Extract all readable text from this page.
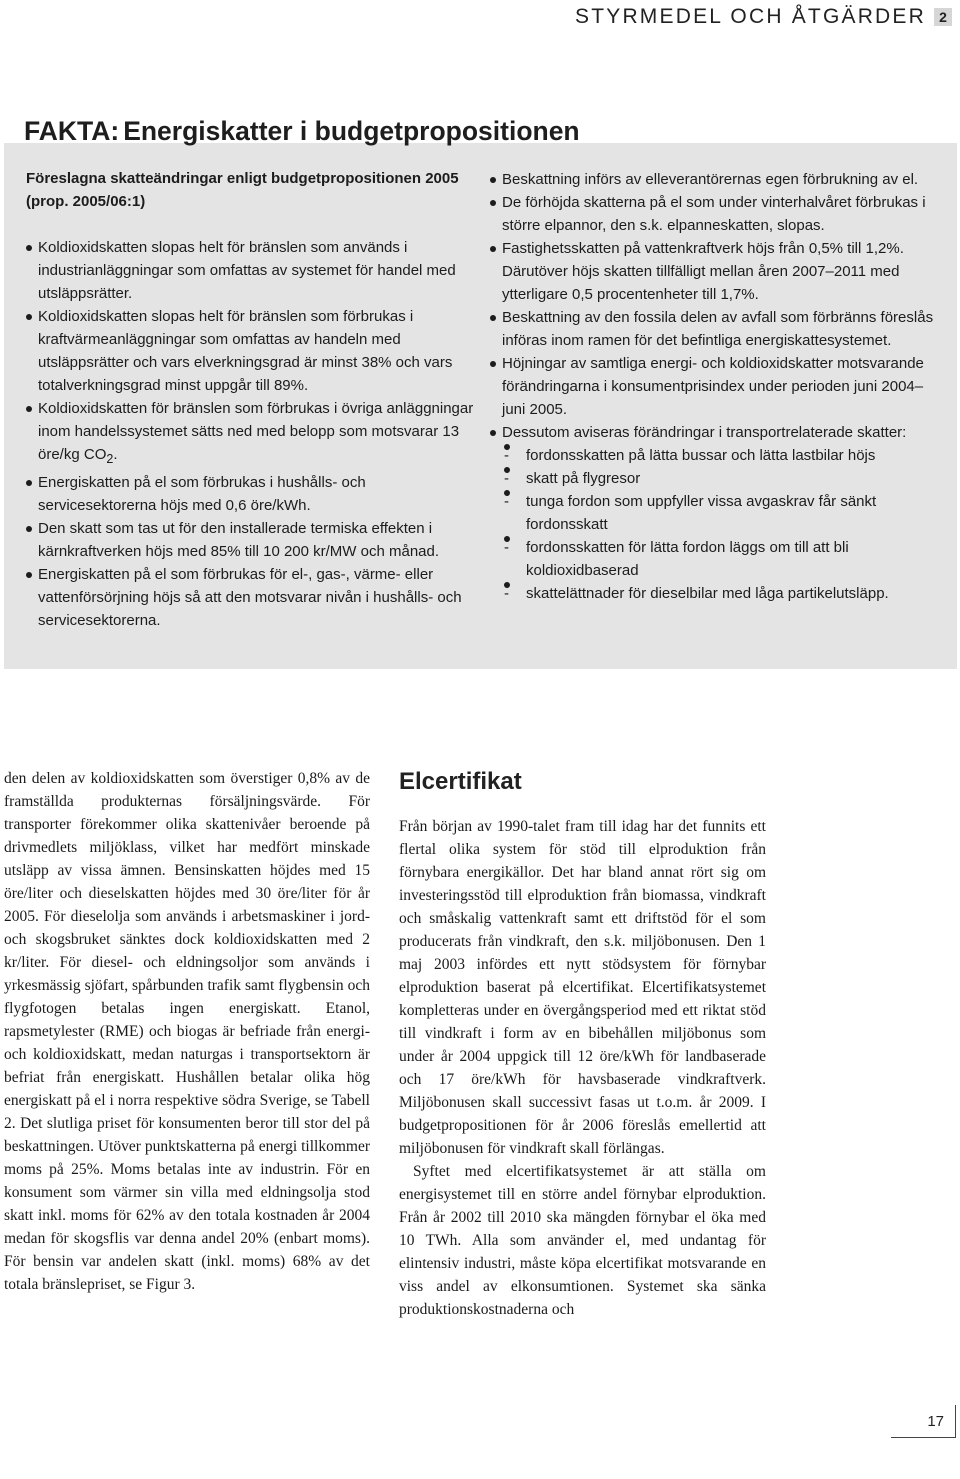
STYRMEDEL OCH ÅTGÄRDER 2
FAKTA: Energiskatter i budgetpropositionen

Föreslagna skatteändringar enligt budgetpropositionen 2005 (prop. 2005/06:1)

Koldioxidskatten slopas helt för bränslen som används i industrianläggningar som omfattas av systemet för handel med utsläppsrätter.
Koldioxidskatten slopas helt för bränslen som förbrukas i kraftvärmeanläggningar som omfattas av handeln med utsläppsrätter och vars elverkningsgrad är minst 38% och vars totalverkningsgrad minst uppgår till 89%.
Koldioxidskatten för bränslen som förbrukas i övriga anläggningar inom handelssystemet sätts ned med belopp som motsvarar 13 öre/kg $CO_2$.
Energiskatten på el som förbrukas i hushålls- och servicesektorerna höjs med 0,6 öre/kWh.
Den skatt som tas ut för den installerade termiska effekten i kärnkraftverken höjs med 85% till 10 200 kr/MW och månad.
Energiskatten på el som förbrukas för el-, gas-, värme- eller vattenförsörjning höjs så att den motsvarar nivån i hushålls- och servicesektorerna.
Beskattning införs av elleverantörernas egen förbrukning av el.
De förhöjda skatterna på el som under vinterhalvåret förbrukas i större elpannor, den s.k. elpanneskatten, slopas.
Fastighetsskatten på vattenkraftverk höjs från 0,5% till 1,2%. Därutöver höjs skatten tillfälligt mellan åren 2007–2011 med ytterligare 0,5 procentenheter till 1,7%.
Beskattning av den fossila delen av avfall som förbränns föreslås införas inom ramen för det befintliga energiskattesystemet.
Höjningar av samtliga energi- och koldioxidskatter motsvarande förändringarna i konsumentprisindex under perioden juni 2004–juni 2005.
Dessutom aviseras förändringar i transportrelaterade skatter:
- fordonsskatten på lätta bussar och lätta lastbilar höjs
- skatt på flygresor
- tunga fordon som uppfyller vissa avgaskrav får sänkt fordonsskatt
- fordonsskatten för lätta fordon läggs om till att bli koldioxidbaserad
- skattelättnader för dieselbilar med låga partikelutsläpp.

den delen av koldioxidskatten som överstiger 0,8% av de framställda produkternas försäljningsvärde. För transporter förekommer olika skattenivåer beroende på drivmedlets miljöklass, vilket har medfört minskade utsläpp av vissa ämnen. Bensinskatten höjdes med 15 öre/liter och dieselskatten höjdes med 30 öre/liter för år 2005. För dieselolja som används i arbetsmaskiner i jord- och skogsbruket sänktes dock koldioxidskatten med 2 kr/liter. För diesel- och eldningsoljor som används i yrkesmässig sjöfart, spårbunden trafik samt flygbensin och flygfotogen betalas ingen energiskatt. Etanol, rapsmetylester (RME) och biogas är befriade från energi- och koldioxidskatt, medan naturgas i transportsektorn är befriat från energiskatt. Hushållen betalar olika hög energiskatt på el i norra respektive södra Sverige, se Tabell 2. Det slutliga priset för konsumenten beror till stor del på beskattningen. Utöver punktskatterna på energi tillkommer moms på 25%. Moms betalas inte av industrin. För en konsument som värmer sin villa med eldningsolja stod skatt inkl. moms för 62% av den totala kostnaden år 2004 medan för skogsflis var denna andel 20% (enbart moms). För bensin var andelen skatt (inkl. moms) 68% av det totala bränslepriset, se Figur 3.

Elcertifikat

Från början av 1990-talet fram till idag har det funnits ett flertal olika system för stöd till elproduktion från förnybara energikällor. Det har bland annat rört sig om investeringsstöd till elproduktion från biomassa, vindkraft och småskalig vattenkraft samt ett driftstöd för el som producerats från vindkraft, den s.k. miljöbonusen. Den 1 maj 2003 infördes ett nytt stödsystem för förnybar elproduktion baserat på elcertifikat. Elcertifikatsystemet kompletteras under en övergångsperiod med ett riktat stöd till vindkraft i form av en bibehållen miljöbonus som under år 2004 uppgick till 12 öre/kWh för landbaserade och 17 öre/kWh för havsbaserade vindkraftverk. Miljöbonusen skall successivt fasas ut t.o.m. år 2009. I budgetpropositionen för år 2006 föreslås emellertid att miljöbonusen för vindkraft skall förlängas.

Syftet med elcertifikatsystemet är att ställa om energisystemet till en större andel förnybar elproduktion. Från år 2002 till 2010 ska mängden förnybar el öka med 10 TWh. Alla som använder el, med undantag för elintensiv industri, måste köpa elcertifikat motsvarande en viss andel av elkonsumtionen. Systemet ska sänka produktionskostnaderna och

17
